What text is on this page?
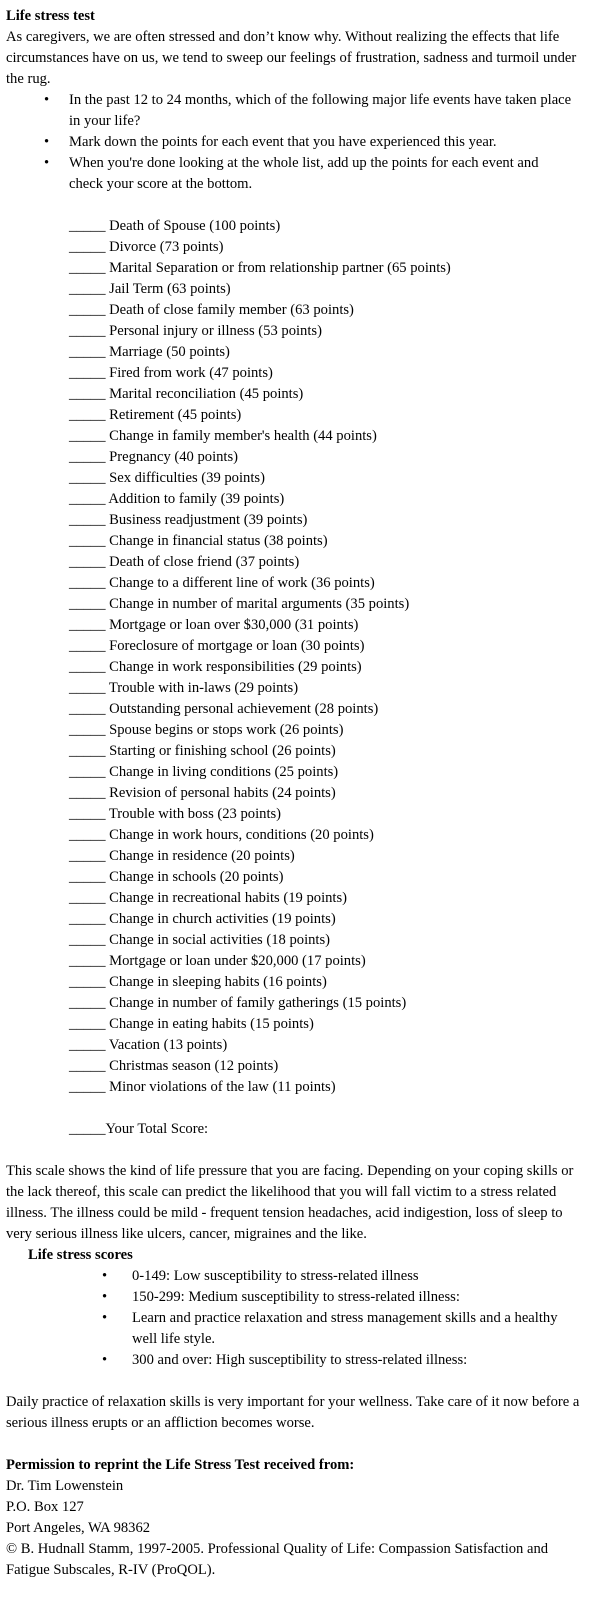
Life stress test
As caregivers, we are often stressed and don’t know why. Without realizing the effects that life circumstances have on us, we tend to sweep our feelings of frustration, sadness and turmoil under the rug.
• In the past 12 to 24 months, which of the following major life events have taken place in your life?
• Mark down the points for each event that you have experienced this year.
• When you're done looking at the whole list, add up the points for each event and check your score at the bottom.
_____ Death of Spouse (100 points)
_____ Divorce (73 points)
_____ Marital Separation or from relationship partner (65 points)
_____ Jail Term (63 points)
_____ Death of close family member (63 points)
_____ Personal injury or illness (53 points)
_____ Marriage (50 points)
_____ Fired from work (47 points)
_____ Marital reconciliation (45 points)
_____ Retirement (45 points)
_____ Change in family member's health (44 points)
_____ Pregnancy (40 points)
_____ Sex difficulties (39 points)
_____ Addition to family (39 points)
_____ Business readjustment (39 points)
_____ Change in financial status (38 points)
_____ Death of close friend (37 points)
_____ Change to a different line of work (36 points)
_____ Change in number of marital arguments (35 points)
_____ Mortgage or loan over $30,000 (31 points)
_____ Foreclosure of mortgage or loan (30 points)
_____ Change in work responsibilities (29 points)
_____ Trouble with in-laws (29 points)
_____ Outstanding personal achievement (28 points)
_____ Spouse begins or stops work (26 points)
_____ Starting or finishing school (26 points)
_____ Change in living conditions (25 points)
_____ Revision of personal habits (24 points)
_____ Trouble with boss (23 points)
_____ Change in work hours, conditions (20 points)
_____ Change in residence (20 points)
_____ Change in schools (20 points)
_____ Change in recreational habits (19 points)
_____ Change in church activities (19 points)
_____ Change in social activities (18 points)
_____ Mortgage or loan under $20,000 (17 points)
_____ Change in sleeping habits (16 points)
_____ Change in number of family gatherings (15 points)
_____ Change in eating habits (15 points)
_____ Vacation (13 points)
_____ Christmas season (12 points)
_____ Minor violations of the law (11 points)
_____Your Total Score:
This scale shows the kind of life pressure that you are facing. Depending on your coping skills or the lack thereof, this scale can predict the likelihood that you will fall victim to a stress related illness. The illness could be mild - frequent tension headaches, acid indigestion, loss of sleep to very serious illness like ulcers, cancer, migraines and the like.
Life stress scores
• 0-149: Low susceptibility to stress-related illness
• 150-299: Medium susceptibility to stress-related illness:
• Learn and practice relaxation and stress management skills and a healthy well life style.
• 300 and over: High susceptibility to stress-related illness:
Daily practice of relaxation skills is very important for your wellness. Take care of it now before a serious illness erupts or an affliction becomes worse.
Permission to reprint the Life Stress Test received from:
Dr. Tim Lowenstein
P.O. Box 127
Port Angeles, WA 98362
© B. Hudnall Stamm, 1997-2005. Professional Quality of Life: Compassion Satisfaction and Fatigue Subscales, R-IV (ProQOL).
